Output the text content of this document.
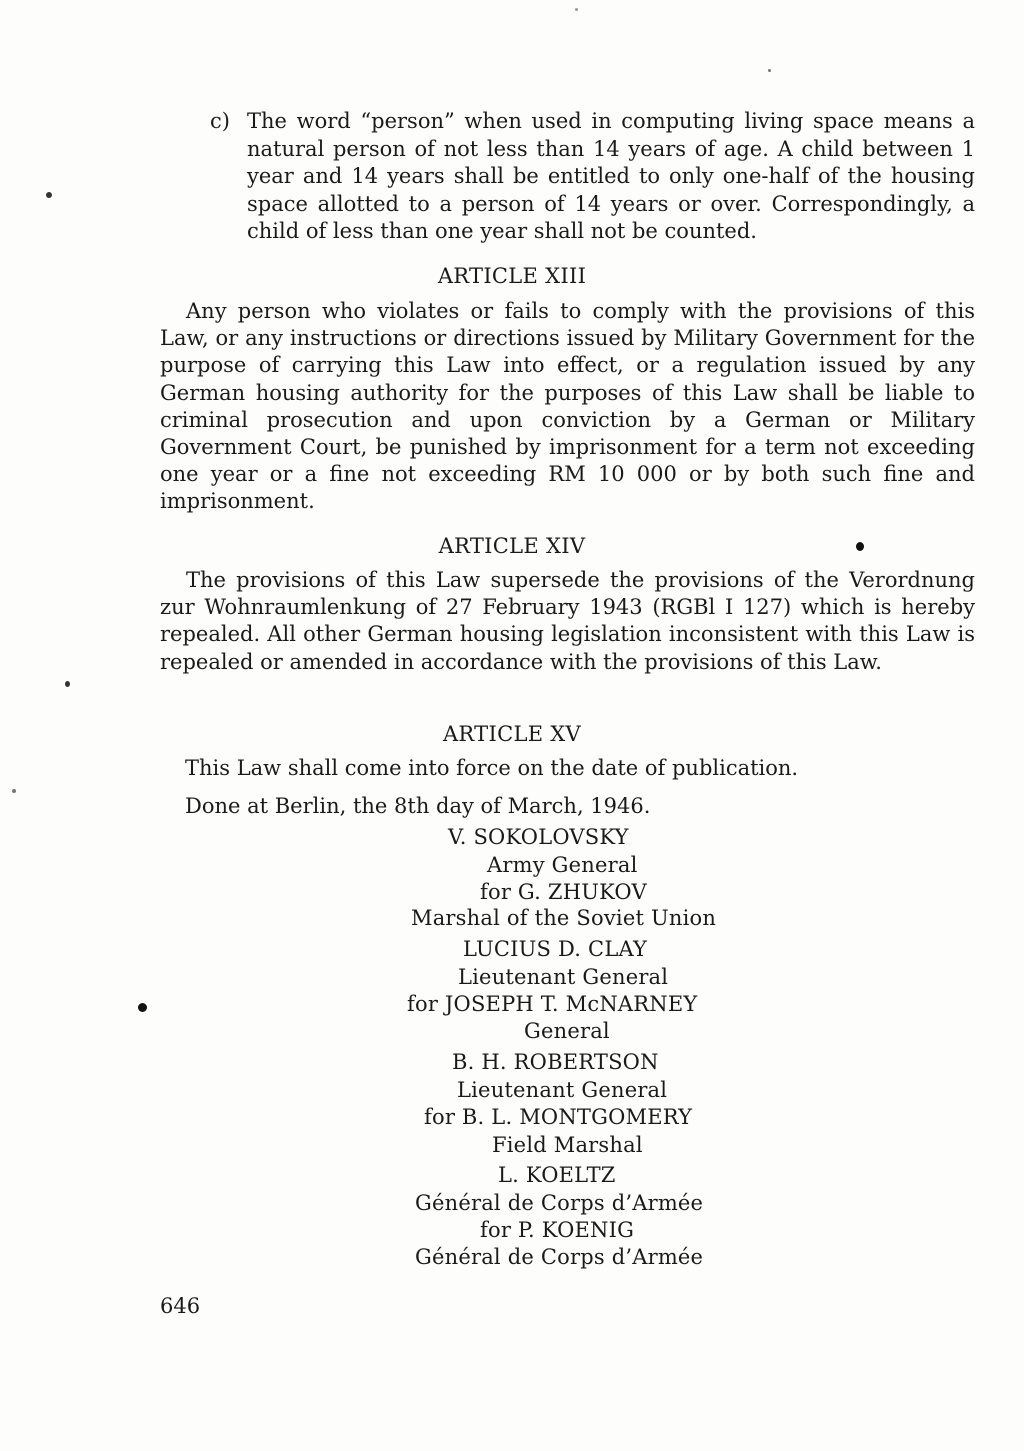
c) The word “person” when used in computing living space means a natural person of not less than 14 years of age. A child between 1 year and 14 years shall be entitled to only one-half of the housing space allotted to a person of 14 years or over. Correspondingly, a child of less than one year shall not be counted.
ARTICLE XIII
Any person who violates or fails to comply with the provisions of this Law, or any instructions or directions issued by Military Government for the purpose of carrying this Law into effect, or a regulation issued by any German housing authority for the purposes of this Law shall be liable to criminal prosecution and upon conviction by a German or Military Government Court, be punished by imprisonment for a term not exceeding one year or a fine not exceeding RM 10 000 or by both such fine and imprisonment.
ARTICLE XIV
The provisions of this Law supersede the provisions of the Verordnung zur Wohnraumlenkung of 27 February 1943 (RGBl I 127) which is hereby repealed. All other German housing legislation inconsistent with this Law is repealed or amended in accordance with the provisions of this Law.
ARTICLE XV
This Law shall come into force on the date of publication.
Done at Berlin, the 8th day of March, 1946.
V. SOKOLOVSKY
Army General
for G. ZHUKOV
Marshal of the Soviet Union
LUCIUS D. CLAY
Lieutenant General
for JOSEPH T. McNARNEY
General
B. H. ROBERTSON
Lieutenant General
for B. L. MONTGOMERY
Field Marshal
L. KOELTZ
Général de Corps d’Armée
for P. KOENIG
Général de Corps d’Armée
646
